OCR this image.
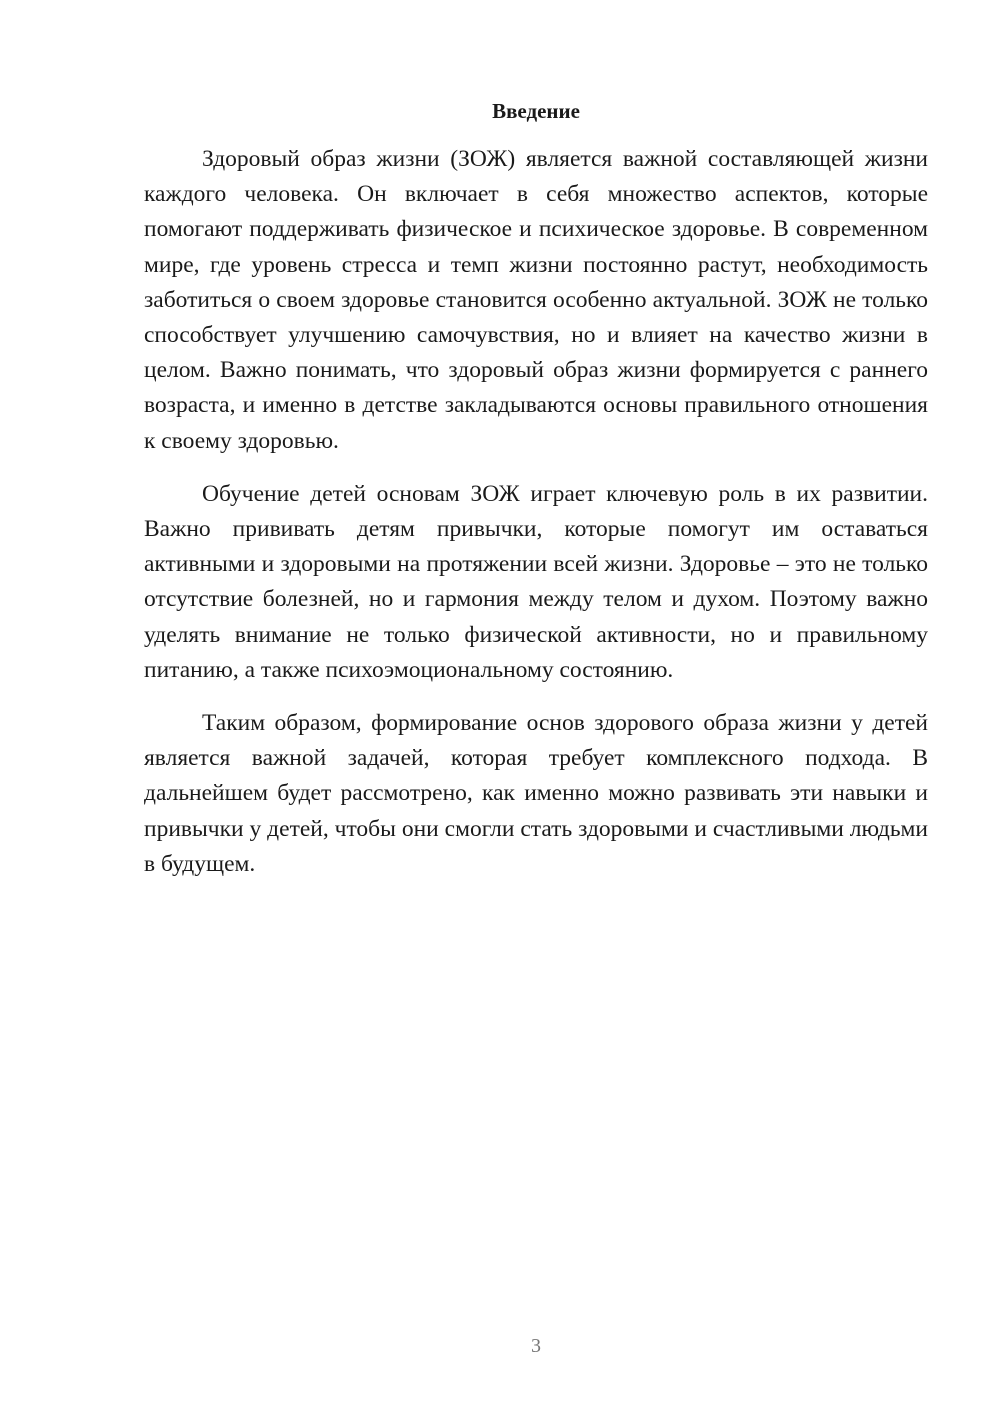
Введение

Здоровый образ жизни (ЗОЖ) является важной составляющей жизни каждого человека. Он включает в себя множество аспектов, которые помогают поддерживать физическое и психическое здоровье. В современном мире, где уровень стресса и темп жизни постоянно растут, необходимость заботиться о своем здоровье становится особенно актуальной. ЗОЖ не только способствует улучшению самочувствия, но и влияет на качество жизни в целом. Важно понимать, что здоровый образ жизни формируется с раннего возраста, и именно в детстве закладываются основы правильного отношения к своему здоровью.

Обучение детей основам ЗОЖ играет ключевую роль в их развитии. Важно прививать детям привычки, которые помогут им оставаться активными и здоровыми на протяжении всей жизни. Здоровье – это не только отсутствие болезней, но и гармония между телом и духом. Поэтому важно уделять внимание не только физической активности, но и правильному питанию, а также психоэмоциональному состоянию.

Таким образом, формирование основ здорового образа жизни у детей является важной задачей, которая требует комплексного подхода. В дальнейшем будет рассмотрено, как именно можно развивать эти навыки и привычки у детей, чтобы они смогли стать здоровыми и счастливыми людьми в будущем.

3
